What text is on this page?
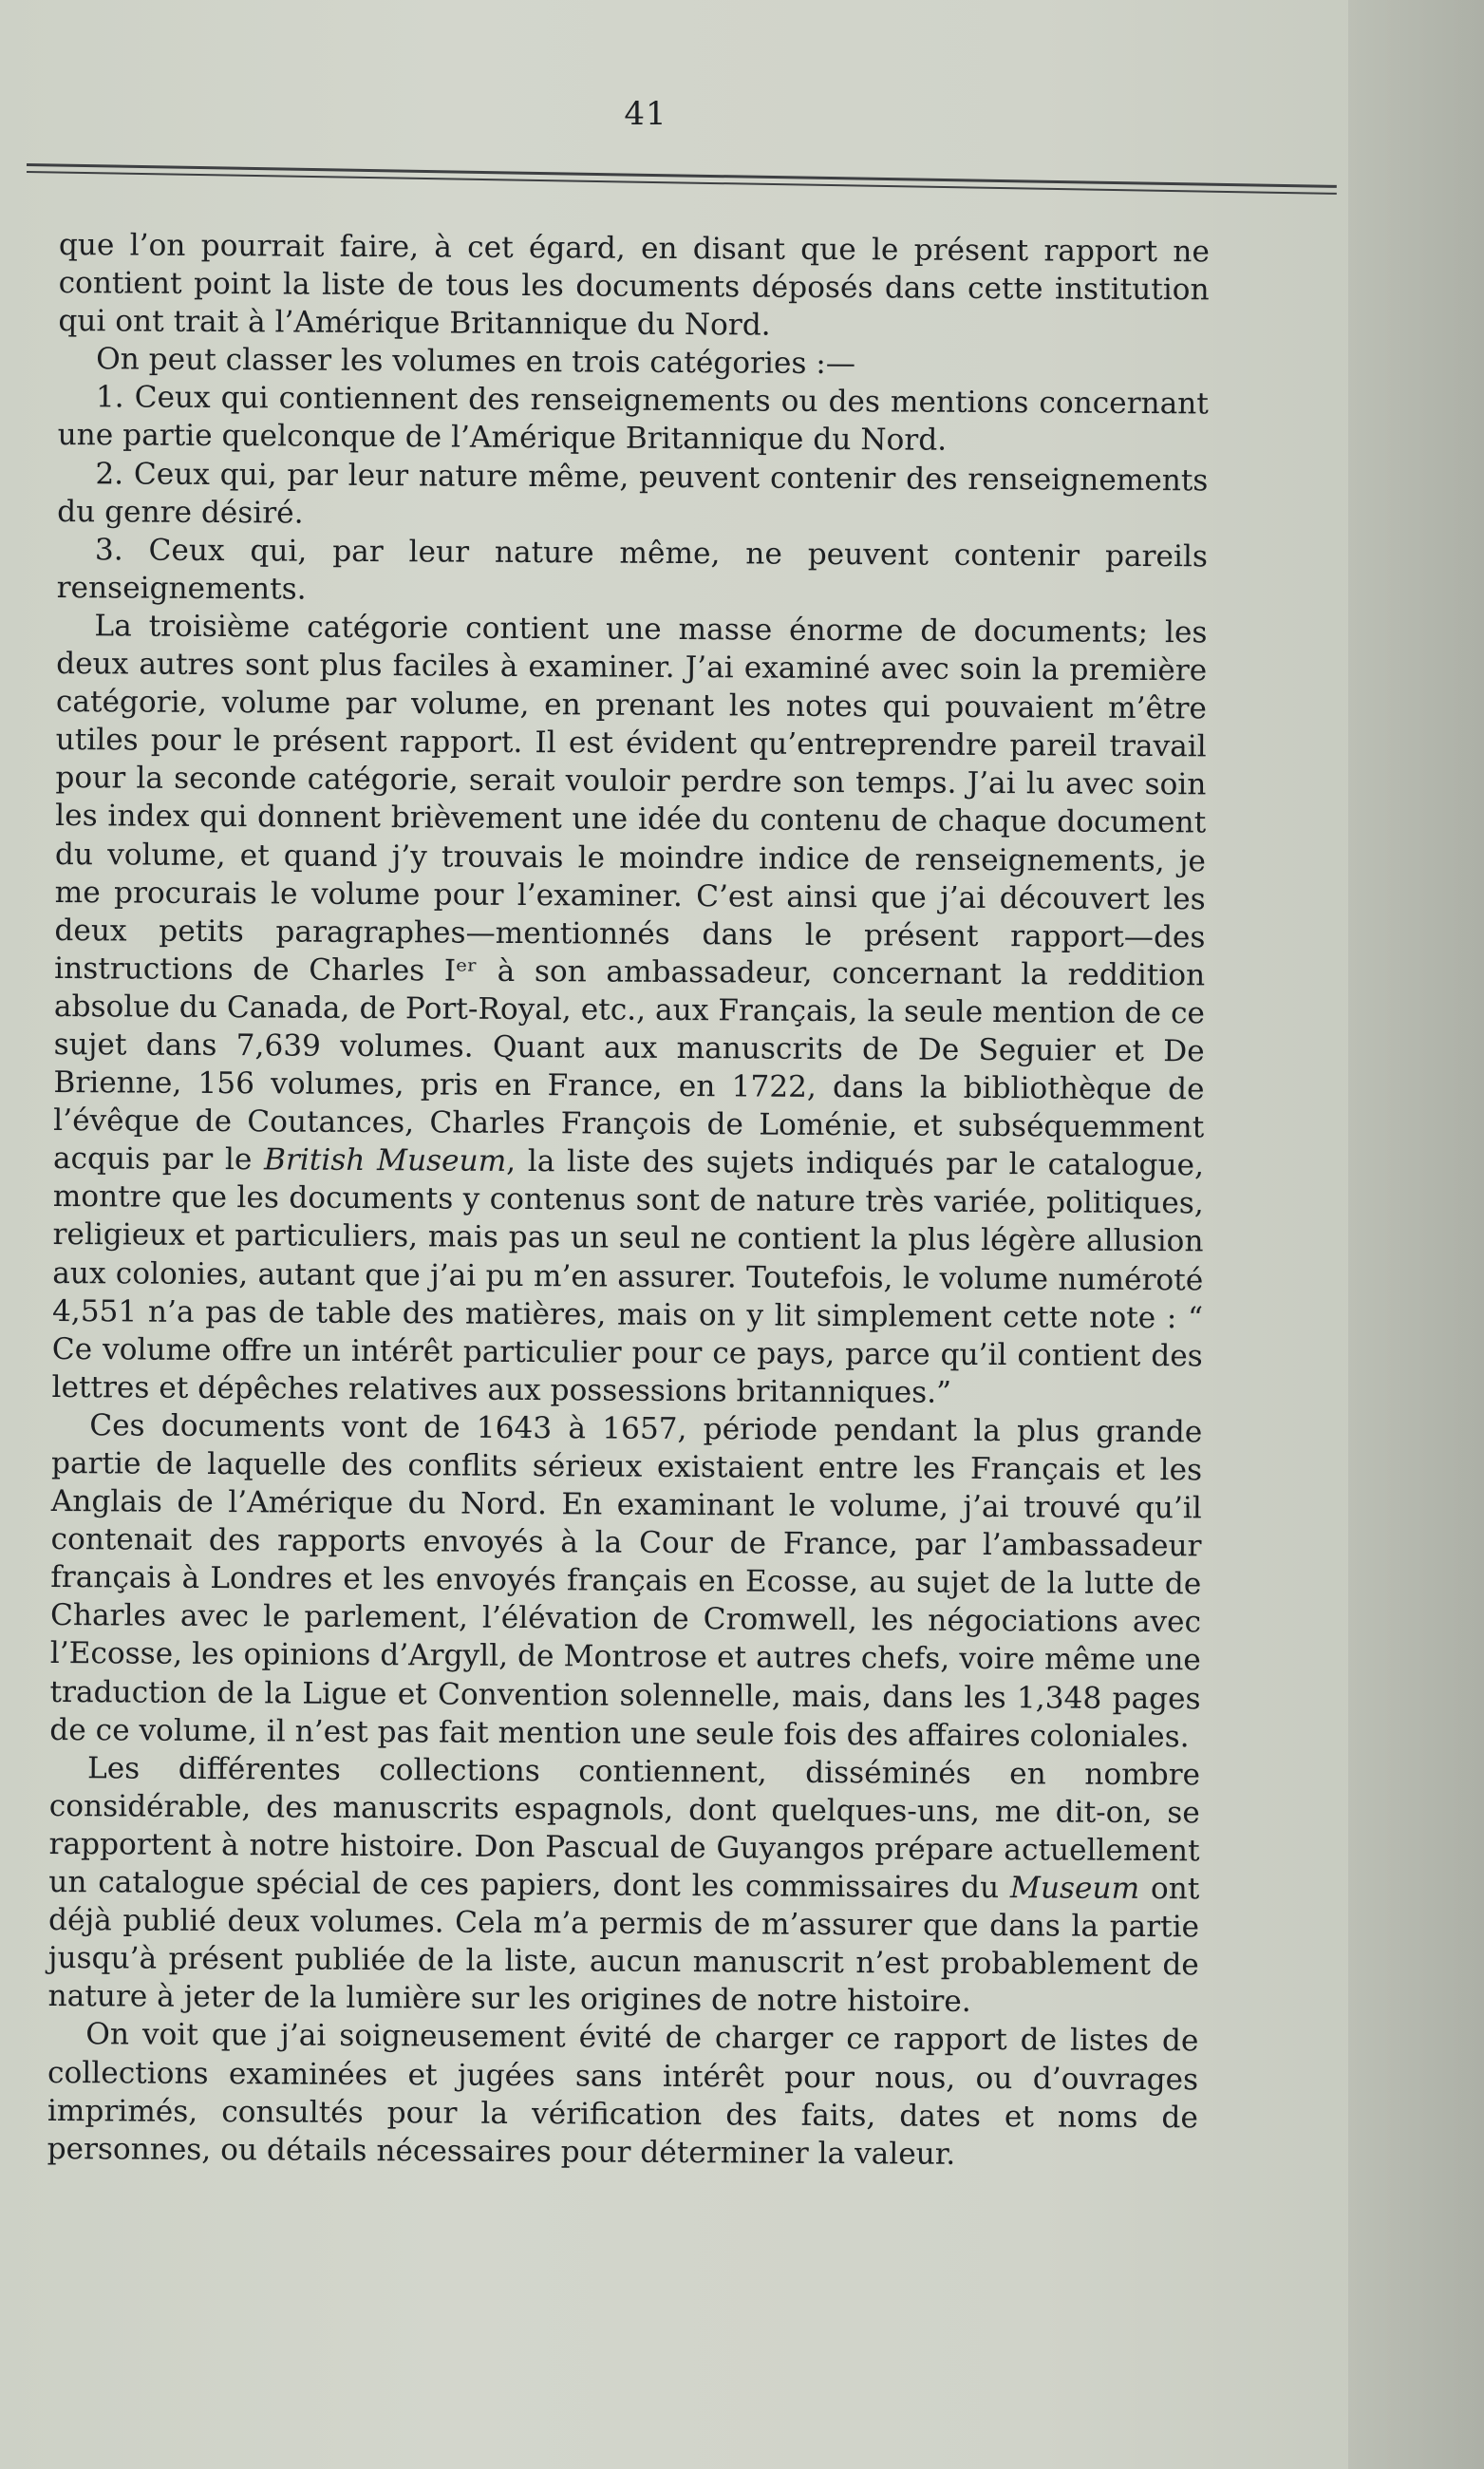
41

que l’on pourrait faire, à cet égard, en disant que le présent rapport ne contient point la liste de tous les documents déposés dans cette institution qui ont trait à l’Amérique Britannique du Nord.

On peut classer les volumes en trois catégories :—

1. Ceux qui contiennent des renseignements ou des mentions concernant une partie quelconque de l’Amérique Britannique du Nord.

2. Ceux qui, par leur nature même, peuvent contenir des renseignements du genre désiré.

3. Ceux qui, par leur nature même, ne peuvent contenir pareils renseignements.

La troisième catégorie contient une masse énorme de documents; les deux autres sont plus faciles à examiner. J’ai examiné avec soin la première catégorie, volume par volume, en prenant les notes qui pouvaient m’être utiles pour le présent rapport. Il est évident qu’entreprendre pareil travail pour la seconde catégorie, serait vouloir perdre son temps. J’ai lu avec soin les index qui donnent brièvement une idée du contenu de chaque document du volume, et quand j’y trouvais le moindre indice de renseignements, je me procurais le volume pour l’examiner. C’est ainsi que j’ai découvert les deux petits paragraphes—mentionnés dans le présent rapport—des instructions de Charles Iᵉʳ à son ambassadeur, concernant la reddition absolue du Canada, de Port-Royal, etc., aux Français, la seule mention de ce sujet dans 7,639 volumes. Quant aux manuscrits de De Seguier et De Brienne, 156 volumes, pris en France, en 1722, dans la bibliothèque de l’évêque de Coutances, Charles François de Loménie, et subséquemment acquis par le British Museum, la liste des sujets indiqués par le catalogue, montre que les documents y contenus sont de nature très variée, politiques, religieux et particuliers, mais pas un seul ne contient la plus légère allusion aux colonies, autant que j’ai pu m’en assurer. Toutefois, le volume numéroté 4,551 n’a pas de table des matières, mais on y lit simplement cette note : “ Ce volume offre un intérêt particulier pour ce pays, parce qu’il contient des lettres et dépêches relatives aux possessions britanniques.”

Ces documents vont de 1643 à 1657, période pendant la plus grande partie de laquelle des conflits sérieux existaient entre les Français et les Anglais de l’Amérique du Nord. En examinant le volume, j’ai trouvé qu’il contenait des rapports envoyés à la Cour de France, par l’ambassadeur français à Londres et les envoyés français en Ecosse, au sujet de la lutte de Charles avec le parlement, l’élévation de Cromwell, les négociations avec l’Ecosse, les opinions d’Argyll, de Montrose et autres chefs, voire même une traduction de la Ligue et Convention solennelle, mais, dans les 1,348 pages de ce volume, il n’est pas fait mention une seule fois des affaires coloniales.

Les différentes collections contiennent, disséminés en nombre considérable, des manuscrits espagnols, dont quelques-uns, me dit-on, se rapportent à notre histoire. Don Pascual de Guyangos prépare actuellement un catalogue spécial de ces papiers, dont les commissaires du Museum ont déjà publié deux volumes. Cela m’a permis de m’assurer que dans la partie jusqu’à présent publiée de la liste, aucun manuscrit n’est probablement de nature à jeter de la lumière sur les origines de notre histoire.

On voit que j’ai soigneusement évité de charger ce rapport de listes de collections examinées et jugées sans intérêt pour nous, ou d’ouvrages imprimés, consultés pour la vérification des faits, dates et noms de personnes, ou détails nécessaires pour déterminer la valeur.
